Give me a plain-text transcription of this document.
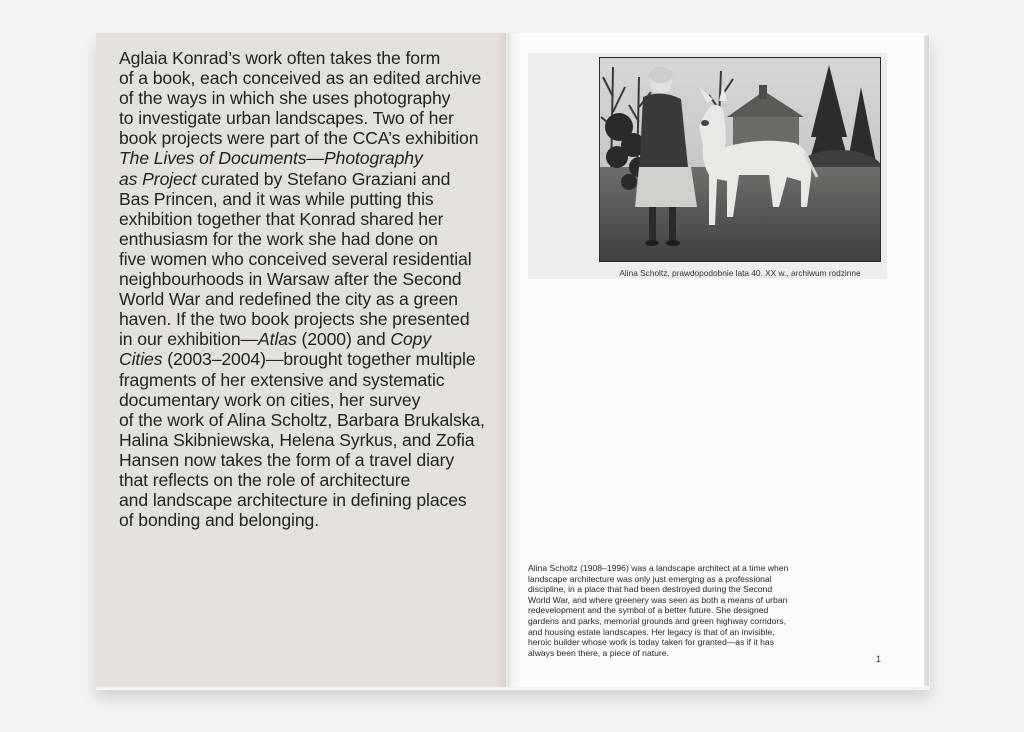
Aglaia Konrad’s work often takes the form
of a book, each conceived as an edited archive
of the ways in which she uses photography
to investigate urban landscapes. Two of her
book projects were part of the CCA’s exhibition
The Lives of Documents—Photography
as Project curated by Stefano Graziani and
Bas Princen, and it was while putting this
exhibition together that Konrad shared her
enthusiasm for the work she had done on
five women who conceived several residential
neighbourhoods in Warsaw after the Second
World War and redefined the city as a green
haven. If the two book projects she presented
in our exhibition—Atlas (2000) and Copy
Cities (2003–2004)—brought together multiple
fragments of her extensive and systematic
documentary work on cities, her survey
of the work of Alina Scholtz, Barbara Brukalska,
Halina Skibniewska, Helena Syrkus, and Zofia
Hansen now takes the form of a travel diary
that reflects on the role of architecture
and landscape architecture in defining places
of bonding and belonging.

Alina Scholtz, prawdopodobnie lata 40. XX w., archiwum rodzinne

Alina Scholtz (1908–1996) was a landscape architect at a time when
landscape architecture was only just emerging as a professional
discipline, in a place that had been destroyed during the Second
World War, and where greenery was seen as both a means of urban
redevelopment and the symbol of a better future. She designed
gardens and parks, memorial grounds and green highway corridors,
and housing estate landscapes. Her legacy is that of an invisible,
heroic builder whose work is today taken for granted—as if it has
always been there, a piece of nature.

1
